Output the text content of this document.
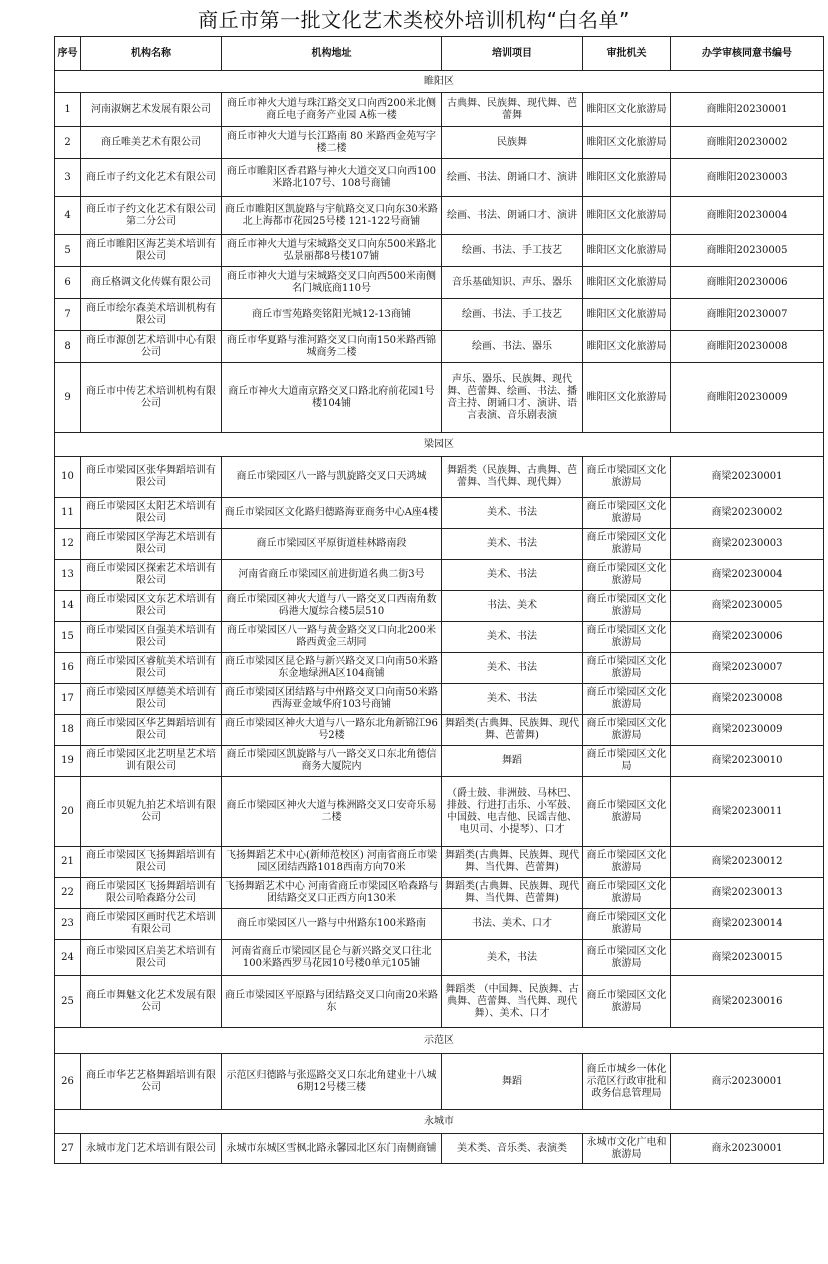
商丘市第一批文化艺术类校外培训机构“白名单”
序号	机构名称	机构地址	培训项目	审批机关	办学审核同意书编号
睢阳区					
1	河南淑娴艺术发展有限公司	商丘市神火大道与珠江路交叉口向西200米北侧商丘电子商务产业园 A栋一楼	古典舞、民族舞、现代舞、芭蕾舞	睢阳区文化旅游局	商睢阳20230001
2	商丘唯美艺术有限公司	商丘市神火大道与长江路南 80 米路西金苑写字楼二楼	民族舞	睢阳区文化旅游局	商睢阳20230002
3	商丘市子约文化艺术有限公司	商丘市睢阳区香君路与神火大道交叉口向西100米路北107号、108号商铺	绘画、书法、朗诵口才、演讲	睢阳区文化旅游局	商睢阳20230003
4	商丘市子约文化艺术有限公司第二分公司	商丘市睢阳区凯旋路与宇航路交叉口向东30米路北上海都市花园25号楼 121-122号商铺	绘画、书法、朗诵口才、演讲	睢阳区文化旅游局	商睢阳20230004
5	商丘市睢阳区海艺美术培训有限公司	商丘市神火大道与宋城路交叉口向东500米路北弘景丽都8号楼107铺	绘画、书法、手工技艺	睢阳区文化旅游局	商睢阳20230005
6	商丘格调文化传媒有限公司	商丘市神火大道与宋城路交叉口向西500米南侧名门城底商110号	音乐基础知识、声乐、器乐	睢阳区文化旅游局	商睢阳20230006
7	商丘市绘尔森美术培训机构有限公司	商丘市雪苑路奕铭阳光城12-13商铺	绘画、书法、手工技艺	睢阳区文化旅游局	商睢阳20230007
8	商丘市源创艺术培训中心有限公司	商丘市华夏路与淮河路交叉口向南150米路西锦城商务二楼	绘画、书法、器乐	睢阳区文化旅游局	商睢阳20230008
9	商丘市中传艺术培训机构有限公司	商丘市神火大道南京路交叉口路北府前花园1号楼104铺	声乐、器乐、民族舞、现代舞、芭蕾舞、绘画、书法、播音主持、朗诵口才、演讲、语言表演、音乐剧表演	睢阳区文化旅游局	商睢阳20230009
梁园区					
10	商丘市梁园区张华舞蹈培训有限公司	商丘市梁园区八一路与凯旋路交叉口天鸿城	舞蹈类（民族舞、古典舞、芭蕾舞、当代舞、现代舞）	商丘市梁园区文化旅游局	商梁20230001
11	商丘市梁园区太阳艺术培训有限公司	商丘市梁园区文化路归德路海亚商务中心A座4楼	美术、书法	商丘市梁园区文化旅游局	商梁20230002
12	商丘市梁园区学海艺术培训有限公司	商丘市梁园区平原街道桂林路南段	美术、书法	商丘市梁园区文化旅游局	商梁20230003
13	商丘市梁园区探索艺术培训有限公司	河南省商丘市梁园区前进街道名典二街3号	美术、书法	商丘市梁园区文化旅游局	商梁20230004
14	商丘市梁园区文东艺术培训有限公司	商丘市梁园区神火大道与八一路交叉口西南角数码港大厦综合楼5层510	书法、美术	商丘市梁园区文化旅游局	商梁20230005
15	商丘市梁园区自强美术培训有限公司	商丘市梁园区八一路与黄金路交叉口向北200米路西黄金三胡同	美术、书法	商丘市梁园区文化旅游局	商梁20230006
16	商丘市梁园区睿航美术培训有限公司	商丘市梁园区昆仑路与新兴路交叉口向南50米路东金地绿洲A区104商铺	美术、书法	商丘市梁园区文化旅游局	商梁20230007
17	商丘市梁园区厚德美术培训有限公司	商丘市梁园区团结路与中州路交叉口向南50米路西海亚金域华府103号商铺	美术、书法	商丘市梁园区文化旅游局	商梁20230008
18	商丘市梁园区华艺舞蹈培训有限公司	商丘市梁园区神火大道与八一路东北角新锦江96号2楼	舞蹈类(古典舞、民族舞、现代舞、芭蕾舞)	商丘市梁园区文化旅游局	商梁20230009
19	商丘市梁园区北艺明星艺术培训有限公司	商丘市梁园区凯旋路与八一路交叉口东北角德信商务大厦院内	舞蹈	商丘市梁园区文化局	商梁20230010
20	商丘市贝妮九拍艺术培训有限公司	商丘市梁园区神火大道与株洲路交叉口安奇乐易二楼	（爵士鼓、非洲鼓、马林巴、排鼓、行进打击乐、小军鼓、中国鼓、电吉他、民谣吉他、电贝司、小提琴）、口才	商丘市梁园区文化旅游局	商梁20230011
21	商丘市梁园区飞扬舞蹈培训有限公司	飞扬舞蹈艺术中心(新师范校区) 河南省商丘市梁园区团结西路1018西南方向70米	舞蹈类(古典舞、民族舞、现代舞、当代舞、芭蕾舞)	商丘市梁园区文化旅游局	商梁20230012
22	商丘市梁园区飞扬舞蹈培训有限公司哈森路分公司	飞扬舞蹈艺术中心 河南省商丘市梁园区哈森路与团结路交叉口正西方向130米	舞蹈类(古典舞、民族舞、现代舞、当代舞、芭蕾舞)	商丘市梁园区文化旅游局	商梁20230013
23	商丘市梁园区画时代艺术培训有限公司	商丘市梁园区八一路与中州路东100米路南	书法、美术、口才	商丘市梁园区文化旅游局	商梁20230014
24	商丘市梁园区启美艺术培训有限公司	河南省商丘市梁园区昆仑与新兴路交叉口往北100米路西罗马花园10号楼0单元105铺	美术，书法	商丘市梁园区文化旅游局	商梁20230015
25	商丘市舞魅文化艺术发展有限公司	商丘市梁园区平原路与团结路交叉口向南20米路东	舞蹈类 （中国舞、民族舞、古典舞、芭蕾舞、当代舞、现代舞）、美术、口才	商丘市梁园区文化旅游局	商梁20230016
示范区					
26	商丘市华艺艺格舞蹈培训有限公司	示范区归德路与张巡路交叉口东北角建业十八城6期12号楼三楼	舞蹈	商丘市城乡一体化示范区行政审批和政务信息管理局	商示20230001
永城市					
27	永城市龙门艺术培训有限公司	永城市东城区雪枫北路永馨园北区东门南侧商铺	美术类、音乐类、表演类	永城市文化广电和旅游局	商永20230001
